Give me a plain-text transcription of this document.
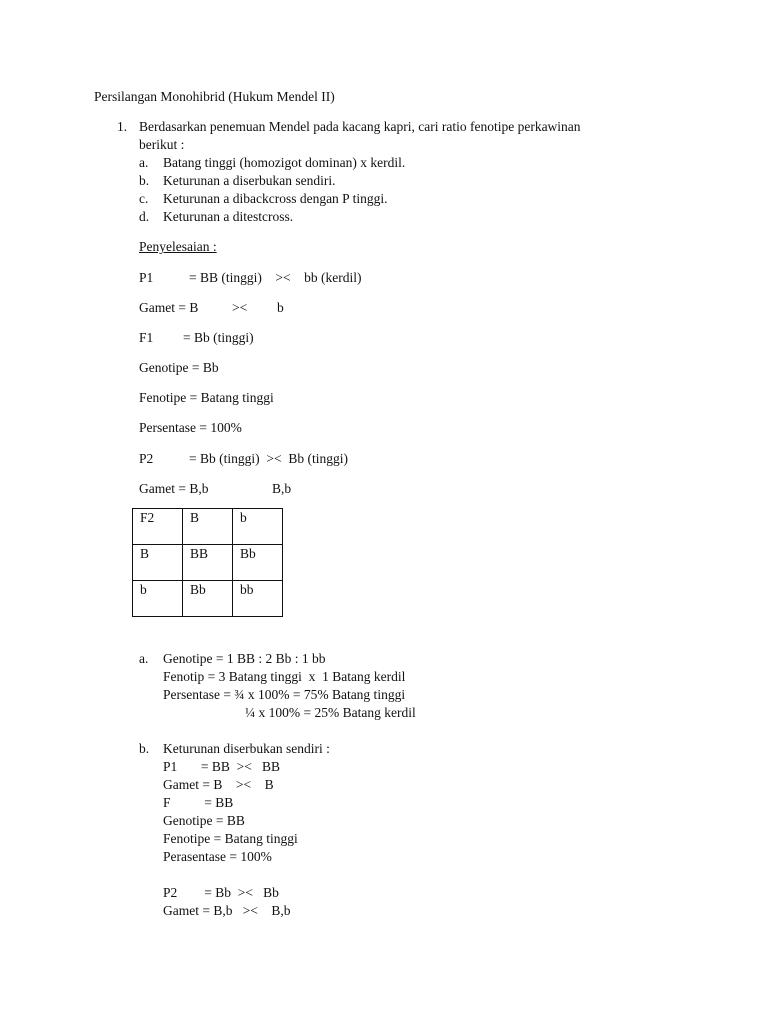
Persilangan Monohibrid (Hukum Mendel II)
1. Berdasarkan penemuan Mendel pada kacang kapri, cari ratio fenotipe perkawinan
berikut :
a. Batang tinggi (homozigot dominan) x kerdil.
b. Keturunan a diserbukan sendiri.
c. Keturunan a dibackcross dengan P tinggi.
d. Keturunan a ditestcross.
Penyelesaian :
P1	= BB (tinggi)    ><    bb (kerdil)
Gamet = B >< b
F1 = Bb (tinggi)
Genotipe = Bb
Fenotipe = Batang tinggi
Persentase = 100%
P2	= Bb (tinggi)  ><  Bb (tinggi)
Gamet = B,b	B,b
F2	B	b
B	BB	Bb
b	Bb	bb
a. Genotipe = 1 BB : 2 Bb : 1 bb
Fenotip = 3 Batang tinggi  x  1 Batang kerdil
Persentase = ¾ x 100% = 75% Batang tinggi
¼ x 100% = 25% Batang kerdil
b. Keturunan diserbukan sendiri :
P1       = BB  ><   BB
Gamet = B    ><    B
F          = BB
Genotipe = BB
Fenotipe = Batang tinggi
Perasentase = 100%
P2        = Bb  ><   Bb
Gamet = B,b   ><    B,b
